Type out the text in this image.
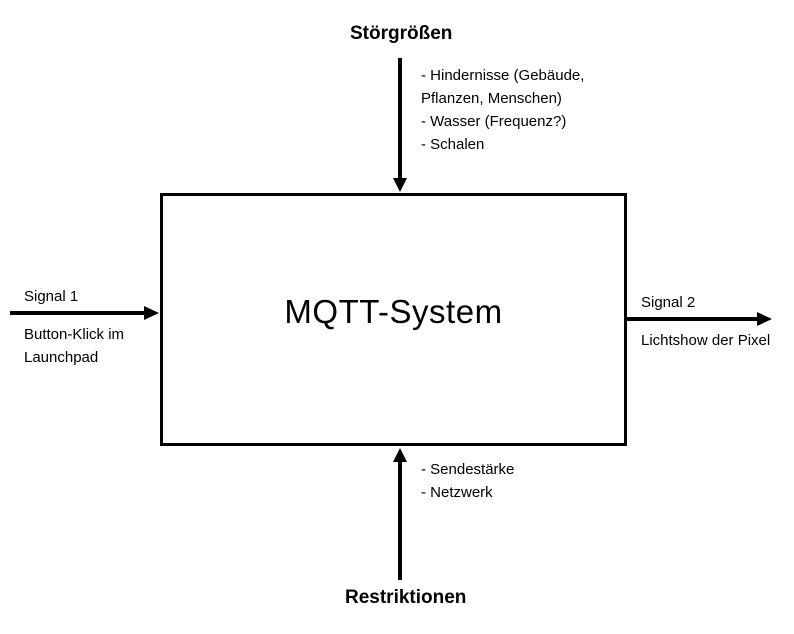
Störgrößen
- Hindernisse (Gebäude,
Pflanzen, Menschen)
- Wasser (Frequenz?)
- Schalen
MQTT-System
Signal 1
Button-Klick im
Launchpad
Signal 2
Lichtshow der Pixel
- Sendestärke
- Netzwerk
Restriktionen
